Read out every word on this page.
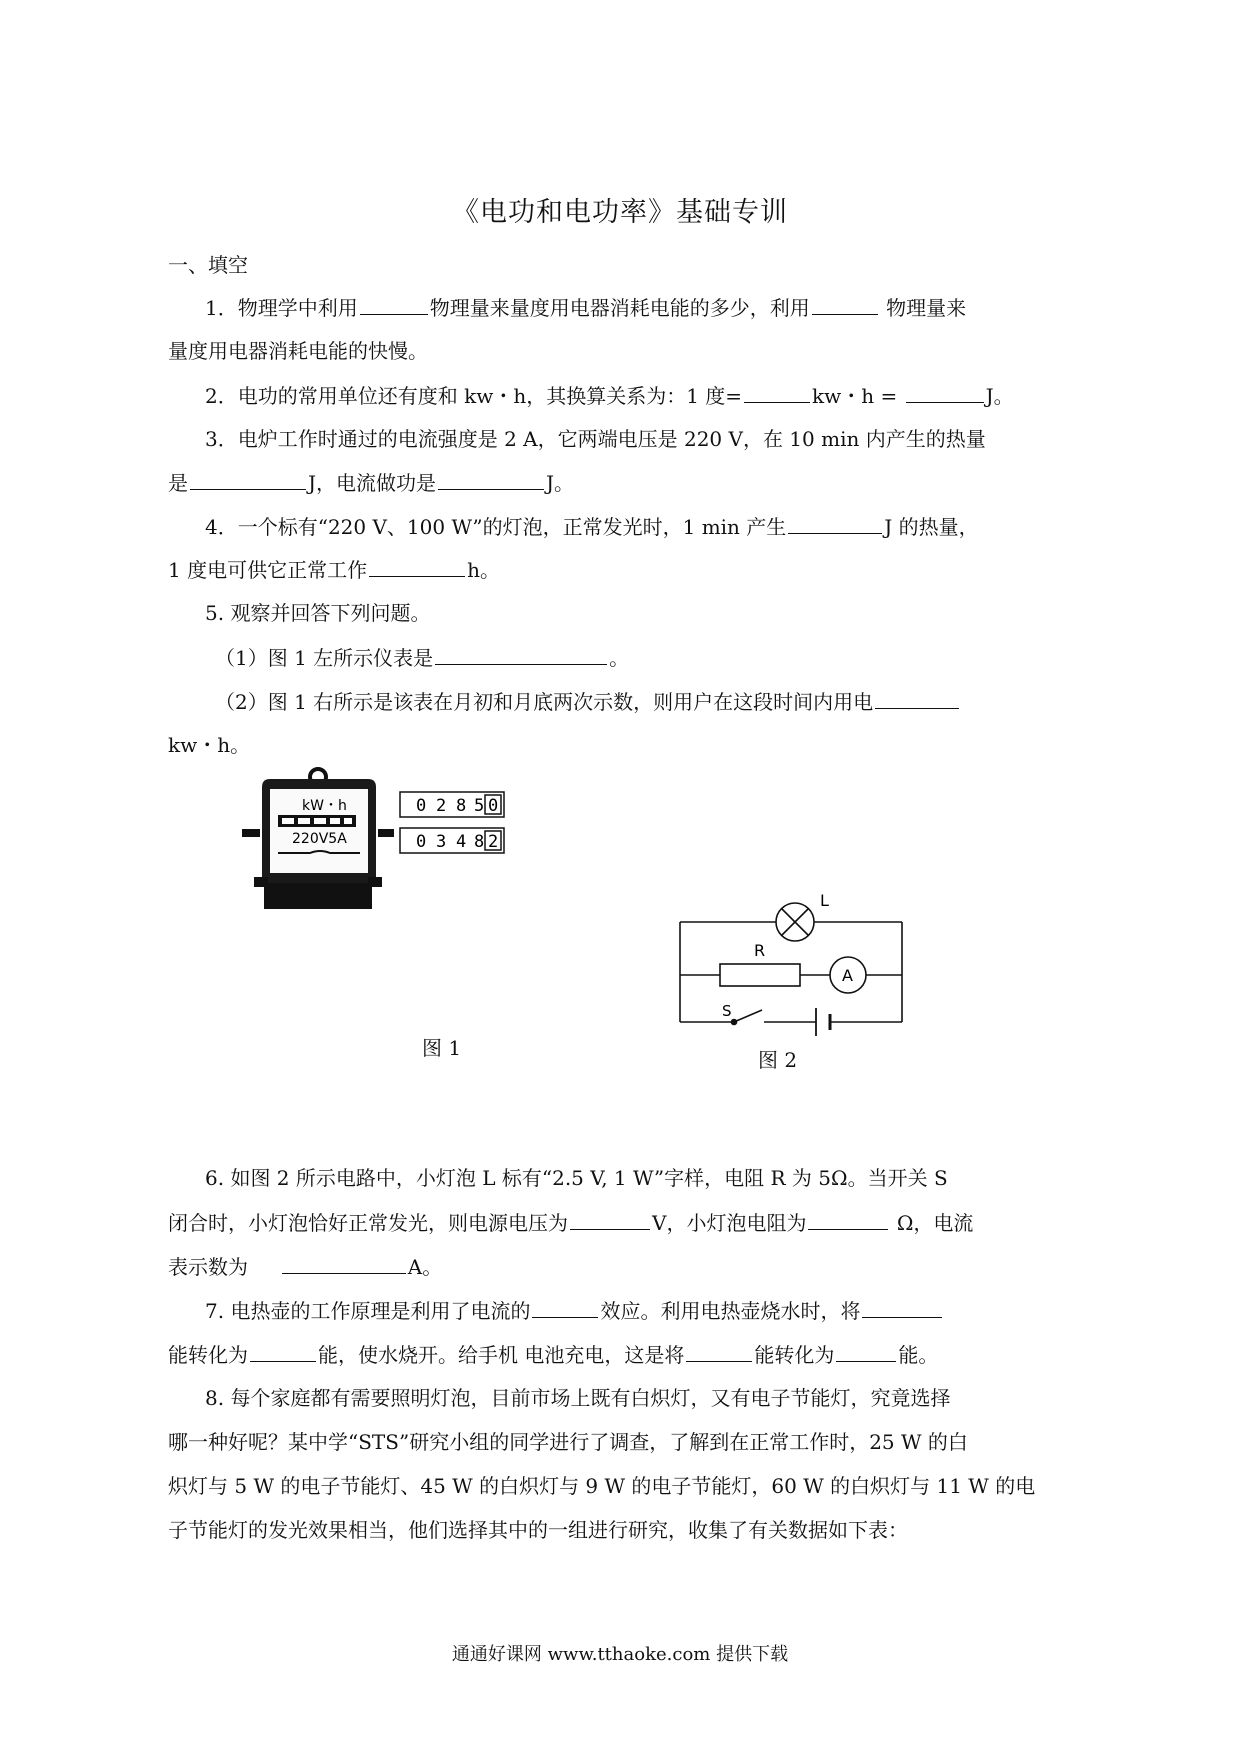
《电功和电功率》基础专训
一、填空
1．物理学中利用	物理量来量度用电器消耗电能的多少，利用	物理量来
量度用电器消耗电能的快慢。
2．电功的常用单位还有度和 kw・h，其换算关系为：1 度=	kw・h =	J。
3．电炉工作时通过的电流强度是 2 A，它两端电压是 220 V，在 10 min 内产生的热量
是	J，电流做功是	J。
4．一个标有“220 V、100 W”的灯泡，正常发光时，1 min 产生	J 的热量，
1 度电可供它正常工作	h。
5. 观察并回答下列问题。
（1）图 1 左所示仪表是	。
（2）图 1 右所示是该表在月初和月底两次示数，则用户在这段时间内用电
kw・h。
kW・h
220V5A
0 2 8 5 0
0 3 4 8 2
图 1
L
R
A
S
图 2
6. 如图 2 所示电路中，小灯泡 L 标有“2.5 V, 1 W”字样，电阻 R 为 5Ω。当开关 S
闭合时，小灯泡恰好正常发光，则电源电压为	V，小灯泡电阻为	Ω，电流
表示数为	A。
7. 电热壶的工作原理是利用了电流的	效应。利用电热壶烧水时，将
能转化为	能，使水烧开。给手机 电池充电，这是将	能转化为	能。
8. 每个家庭都有需要照明灯泡，目前市场上既有白炽灯，又有电子节能灯，究竟选择
哪一种好呢？某中学“STS”研究小组的同学进行了调查，了解到在正常工作时，25 W 的白
炽灯与 5 W 的电子节能灯、45 W 的白炽灯与 9 W 的电子节能灯，60 W 的白炽灯与 11 W 的电
子节能灯的发光效果相当，他们选择其中的一组进行研究，收集了有关数据如下表：
通通好课网 www.tthaoke.com 提供下载
